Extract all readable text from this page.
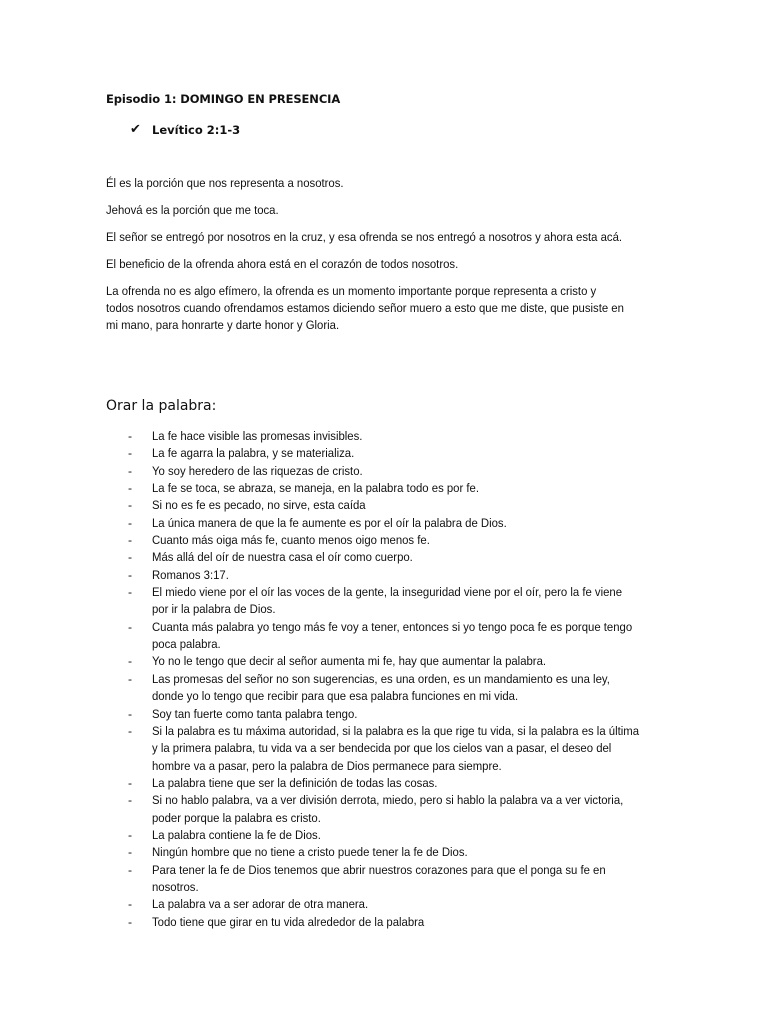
Episodio 1: DOMINGO EN PRESENCIA
✔ Levítico 2:1-3

Él es la porción que nos representa a nosotros.

Jehová es la porción que me toca.

El señor se entregó por nosotros en la cruz, y esa ofrenda se nos entregó a nosotros y ahora esta acá.

El beneficio de la ofrenda ahora está en el corazón de todos nosotros.

La ofrenda no es algo efímero, la ofrenda es un momento importante porque representa a cristo y todos nosotros cuando ofrendamos estamos diciendo señor muero a esto que me diste, que pusiste en mi mano, para honrarte y darte honor y Gloria.

Orar la palabra:
-	La fe hace visible las promesas invisibles.
-	La fe agarra la palabra, y se materializa.
-	Yo soy heredero de las riquezas de cristo.
-	La fe se toca, se abraza, se maneja, en la palabra todo es por fe.
-	Si no es fe es pecado, no sirve, esta caída
-	La única manera de que la fe aumente es por el oír la palabra de Dios.
-	Cuanto más oiga más fe, cuanto menos oigo menos fe.
-	Más allá del oír de nuestra casa el oír como cuerpo.
-	Romanos 3:17.
-	El miedo viene por el oír las voces de la gente, la inseguridad viene por el oír, pero la fe viene por ir la palabra de Dios.
-	Cuanta más palabra yo tengo más fe voy a tener, entonces si yo tengo poca fe es porque tengo poca palabra.
-	Yo no le tengo que decir al señor aumenta mi fe, hay que aumentar la palabra.
-	Las promesas del señor no son sugerencias, es una orden, es un mandamiento es una ley, donde yo lo tengo que recibir para que esa palabra funciones en mi vida.
-	Soy tan fuerte como tanta palabra tengo.
-	Si la palabra es tu máxima autoridad, si la palabra es la que rige tu vida, si la palabra es la última y la primera palabra, tu vida va a ser bendecida por que los cielos van a pasar, el deseo del hombre va a pasar, pero la palabra de Dios permanece para siempre.
-	La palabra tiene que ser la definición de todas las cosas.
-	Si no hablo palabra, va a ver división derrota, miedo, pero si hablo la palabra va a ver victoria, poder porque la palabra es cristo.
-	La palabra contiene la fe de Dios.
-	Ningún hombre que no tiene a cristo puede tener la fe de Dios.
-	Para tener la fe de Dios tenemos que abrir nuestros corazones para que el ponga su fe en nosotros.
-	La palabra va a ser adorar de otra manera.
-	Todo tiene que girar en tu vida alrededor de la palabra
